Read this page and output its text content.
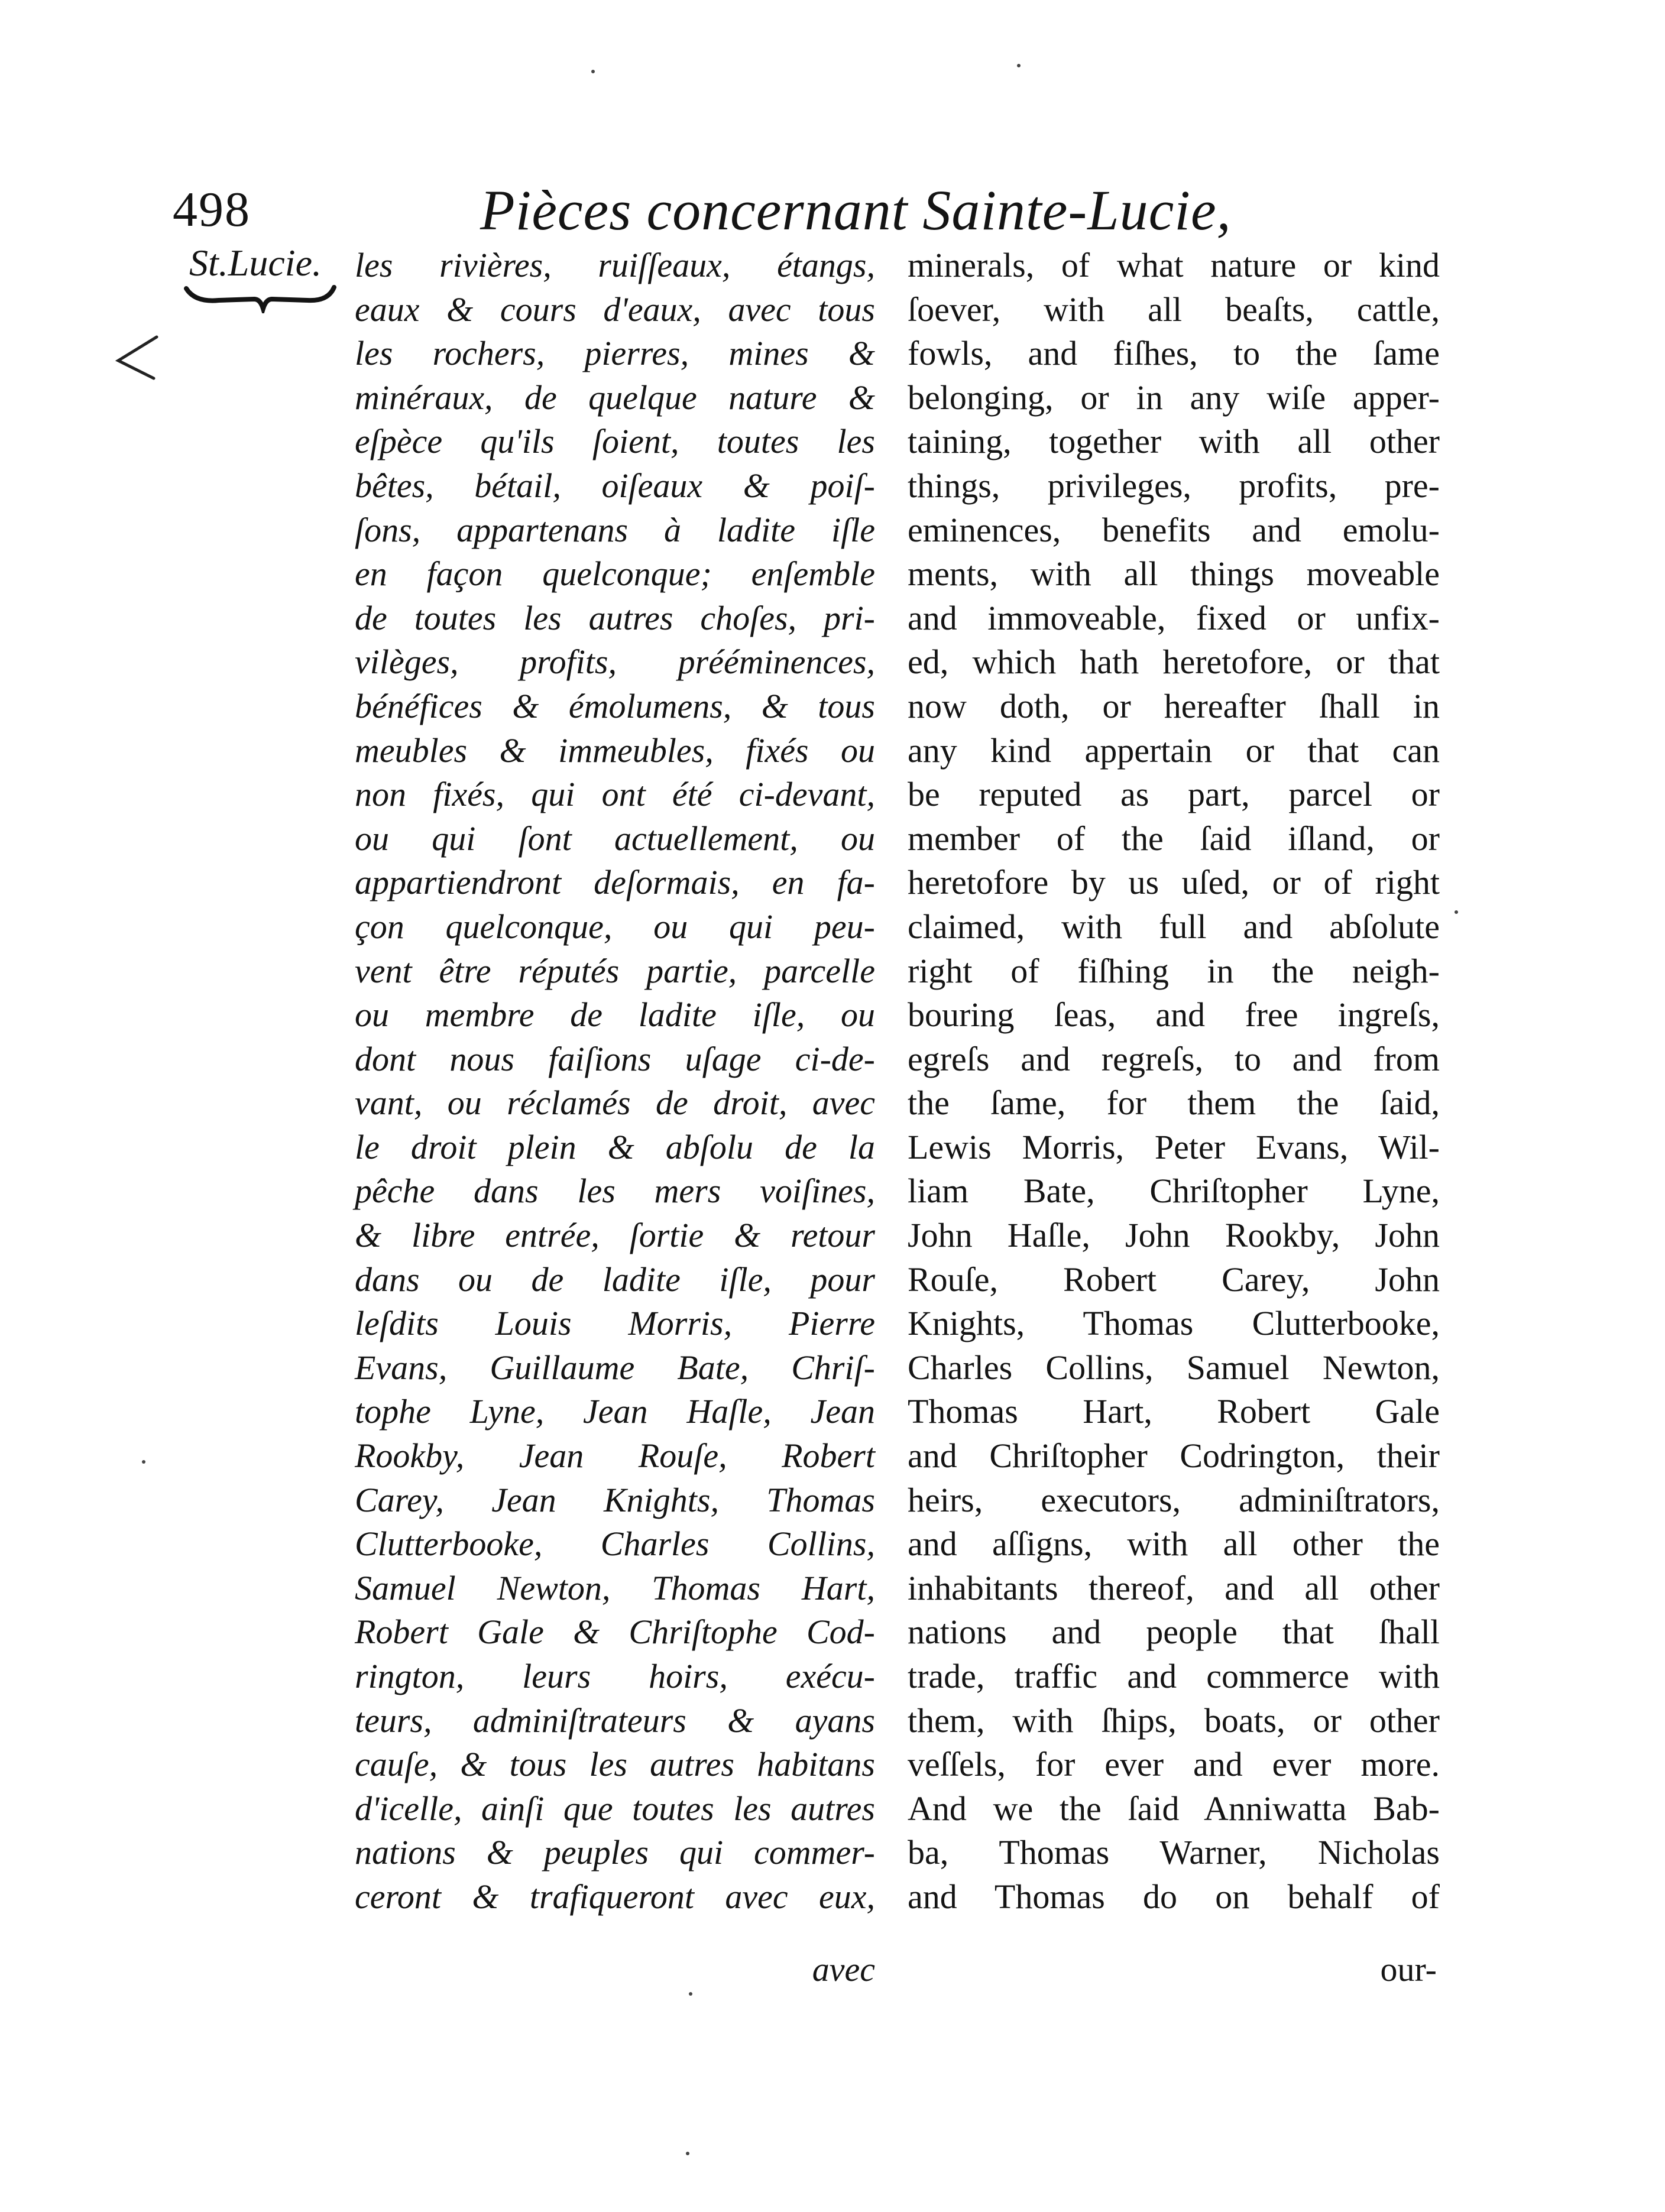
498	Pièces concernant Sainte-Lucie,
St.Lucie. les rivières, ruiſſeaux, étangs,
eaux & cours d'eaux, avec tous
les rochers, pierres, mines &
minéraux, de quelque nature &
eſpèce qu'ils ſoient, toutes les
bêtes, bétail, oiſeaux & poiſ-
ſons, appartenans à ladite iſle
en façon quelconque; enſemble
de toutes les autres choſes, pri-
vilèges, profits, prééminences,
bénéfices & émolumens, & tous
meubles & immeubles, fixés ou
non fixés, qui ont été ci-devant,
ou qui ſont actuellement, ou
appartiendront deſormais, en fa-
çon quelconque, ou qui peu-
vent être réputés partie, parcelle
ou membre de ladite iſle, ou
dont nous faiſions uſage ci-de-
vant, ou réclamés de droit, avec
le droit plein & abſolu de la
pêche dans les mers voiſines,
& libre entrée, ſortie & retour
dans ou de ladite iſle, pour
leſdits Louis Morris, Pierre
Evans, Guillaume Bate, Chriſ-
tophe Lyne, Jean Haſle, Jean
Rookby, Jean Rouſe, Robert
Carey, Jean Knights, Thomas
Clutterbooke, Charles Collins,
Samuel Newton, Thomas Hart,
Robert Gale & Chriſtophe Cod-
rington, leurs hoirs, exécu-
teurs, adminiſtrateurs & ayans
cauſe, & tous les autres habitans
d'icelle, ainſi que toutes les autres
nations & peuples qui commer-
ceront & trafiqueront avec eux,
minerals, of what nature or kind
ſoever, with all beaſts, cattle,
fowls, and fiſhes, to the ſame
belonging, or in any wiſe apper-
taining, together with all other
things, privileges, profits, pre-
eminences, benefits and emolu-
ments, with all things moveable
and immoveable, fixed or unfix-
ed, which hath heretofore, or that
now doth, or hereafter ſhall in
any kind appertain or that can
be reputed as part, parcel or
member of the ſaid iſland, or
heretofore by us uſed, or of right
claimed, with full and abſolute
right of fiſhing in the neigh-
bouring ſeas, and free ingreſs,
egreſs and regreſs, to and from
the ſame, for them the ſaid,
Lewis Morris, Peter Evans, Wil-
liam Bate, Chriſtopher Lyne,
John Haſle, John Rookby, John
Rouſe, Robert Carey, John
Knights, Thomas Clutterbooke,
Charles Collins, Samuel Newton,
Thomas Hart, Robert Gale
and Chriſtopher Codrington, their
heirs, executors, adminiſtrators,
and aſſigns, with all other the
inhabitants thereof, and all other
nations and people that ſhall
trade, traffic and commerce with
them, with ſhips, boats, or other
veſſels, for ever and ever more.
And we the ſaid Anniwatta Bab-
ba, Thomas Warner, Nicholas
and Thomas do on behalf of
avec	our-
